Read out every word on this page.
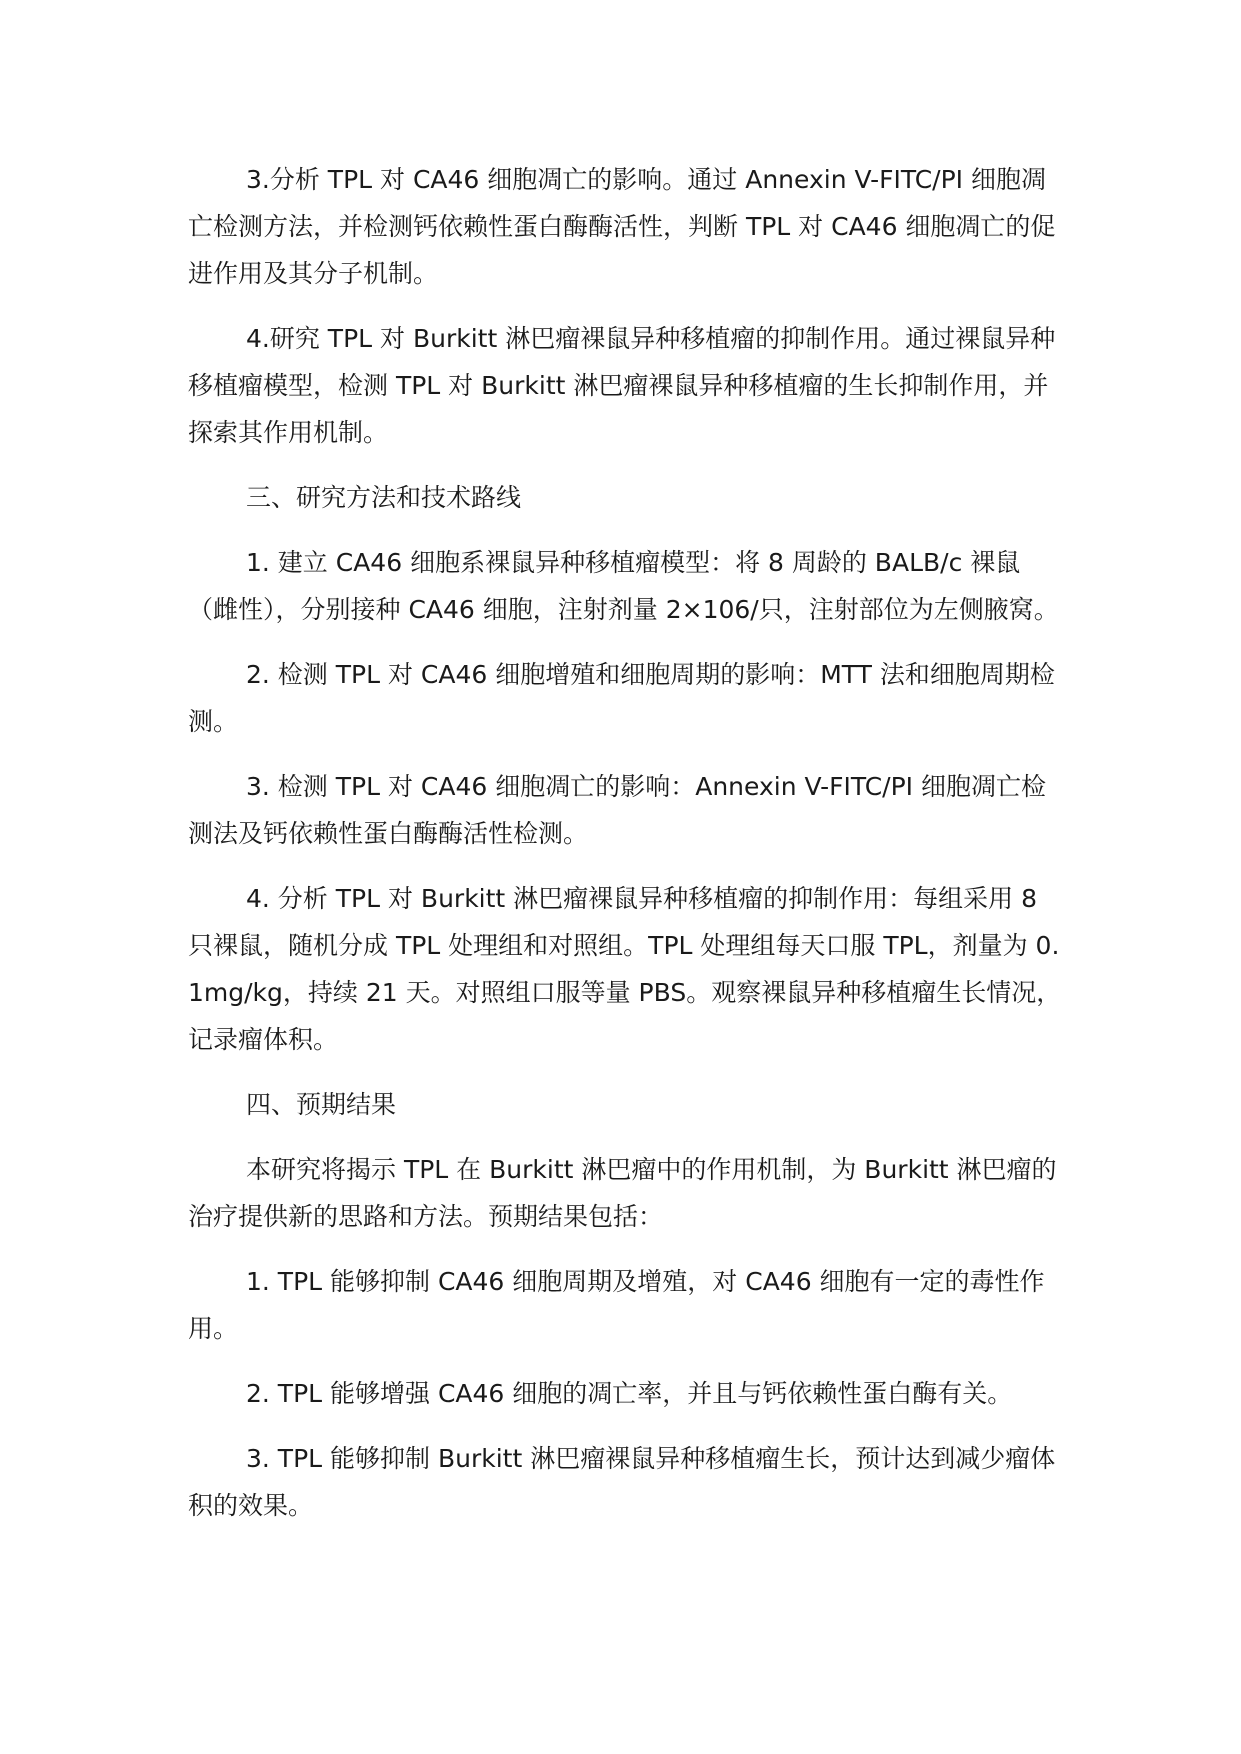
3.分析 TPL 对 CA46 细胞凋亡的影响。通过 Annexin V-FITC/PI 细胞凋亡检测方法，并检测钙依赖性蛋白酶酶活性，判断 TPL 对 CA46 细胞凋亡的促进作用及其分子机制。

4.研究 TPL 对 Burkitt 淋巴瘤裸鼠异种移植瘤的抑制作用。通过裸鼠异种移植瘤模型，检测 TPL 对 Burkitt 淋巴瘤裸鼠异种移植瘤的生长抑制作用，并探索其作用机制。

三、研究方法和技术路线

1. 建立 CA46 细胞系裸鼠异种移植瘤模型：将 8 周龄的 BALB/c 裸鼠（雌性），分别接种 CA46 细胞，注射剂量 2×106/只，注射部位为左侧腋窝。

2. 检测 TPL 对 CA46 细胞增殖和细胞周期的影响：MTT 法和细胞周期检测。

3. 检测 TPL 对 CA46 细胞凋亡的影响：Annexin V-FITC/PI 细胞凋亡检测法及钙依赖性蛋白酶酶活性检测。

4. 分析 TPL 对 Burkitt 淋巴瘤裸鼠异种移植瘤的抑制作用：每组采用 8 只裸鼠，随机分成 TPL 处理组和对照组。TPL 处理组每天口服 TPL，剂量为 0.1mg/kg，持续 21 天。对照组口服等量 PBS。观察裸鼠异种移植瘤生长情况，记录瘤体积。

四、预期结果

本研究将揭示 TPL 在 Burkitt 淋巴瘤中的作用机制，为 Burkitt 淋巴瘤的治疗提供新的思路和方法。预期结果包括：

1. TPL 能够抑制 CA46 细胞周期及增殖，对 CA46 细胞有一定的毒性作用。

2. TPL 能够增强 CA46 细胞的凋亡率，并且与钙依赖性蛋白酶有关。

3. TPL 能够抑制 Burkitt 淋巴瘤裸鼠异种移植瘤生长，预计达到减少瘤体积的效果。
